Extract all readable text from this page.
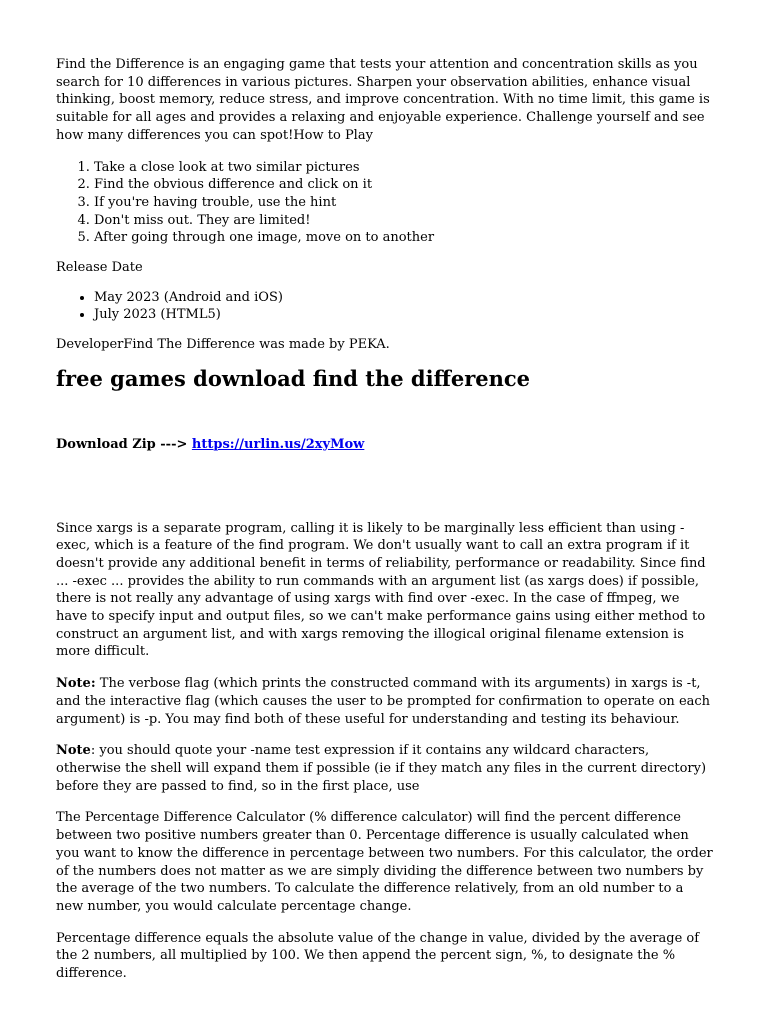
Find the Difference is an engaging game that tests your attention and concentration skills as you search for 10 differences in various pictures. Sharpen your observation abilities, enhance visual thinking, boost memory, reduce stress, and improve concentration. With no time limit, this game is suitable for all ages and provides a relaxing and enjoyable experience. Challenge yourself and see how many differences you can spot!How to Play

1. Take a close look at two similar pictures
2. Find the obvious difference and click on it
3. If you're having trouble, use the hint
4. Don't miss out. They are limited!
5. After going through one image, move on to another

Release Date

• May 2023 (Android and iOS)
• July 2023 (HTML5)

DeveloperFind The Difference was made by PEKA.

free games download find the difference

Download Zip ---> https://urlin.us/2xyMow

Since xargs is a separate program, calling it is likely to be marginally less efficient than using -exec, which is a feature of the find program. We don't usually want to call an extra program if it doesn't provide any additional benefit in terms of reliability, performance or readability. Since find ... -exec ... provides the ability to run commands with an argument list (as xargs does) if possible, there is not really any advantage of using xargs with find over -exec. In the case of ffmpeg, we have to specify input and output files, so we can't make performance gains using either method to construct an argument list, and with xargs removing the illogical original filename extension is more difficult.

Note: The verbose flag (which prints the constructed command with its arguments) in xargs is -t, and the interactive flag (which causes the user to be prompted for confirmation to operate on each argument) is -p. You may find both of these useful for understanding and testing its behaviour.

Note: you should quote your -name test expression if it contains any wildcard characters, otherwise the shell will expand them if possible (ie if they match any files in the current directory) before they are passed to find, so in the first place, use

The Percentage Difference Calculator (% difference calculator) will find the percent difference between two positive numbers greater than 0. Percentage difference is usually calculated when you want to know the difference in percentage between two numbers. For this calculator, the order of the numbers does not matter as we are simply dividing the difference between two numbers by the average of the two numbers. To calculate the difference relatively, from an old number to a new number, you would calculate percentage change.

Percentage difference equals the absolute value of the change in value, divided by the average of the 2 numbers, all multiplied by 100. We then append the percent sign, %, to designate the % difference.
